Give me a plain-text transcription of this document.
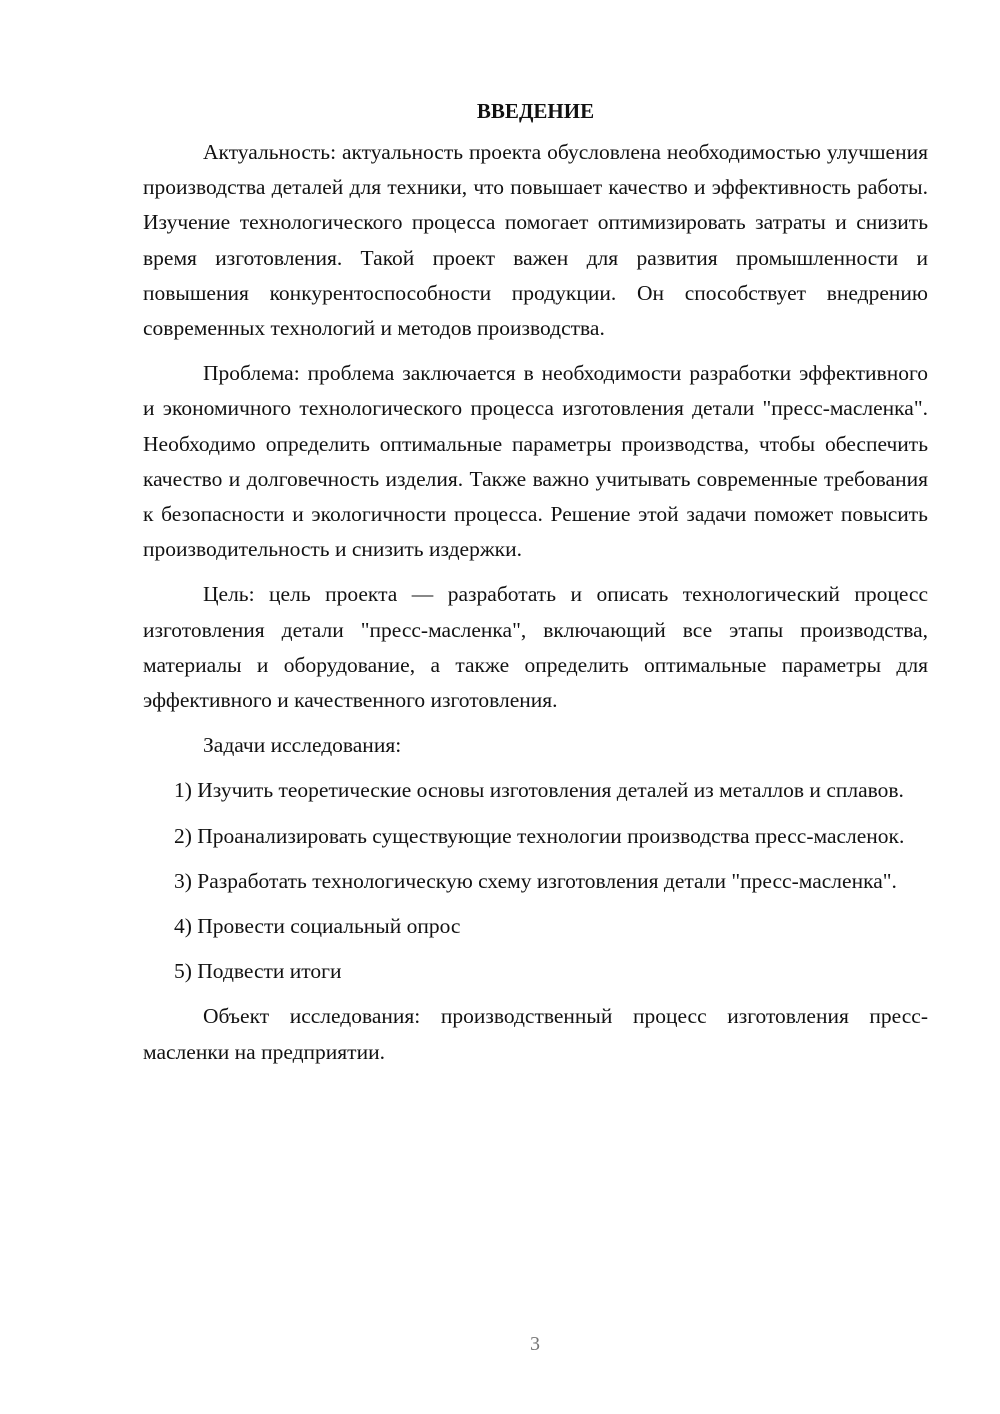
ВВЕДЕНИЕ

Актуальность: актуальность проекта обусловлена необходимостью улучшения производства деталей для техники, что повышает качество и эффективность работы. Изучение технологического процесса помогает оптимизировать затраты и снизить время изготовления. Такой проект важен для развития промышленности и повышения конкурентоспособности продукции. Он способствует внедрению современных технологий и методов производства.

Проблема: проблема заключается в необходимости разработки эффективного и экономичного технологического процесса изготовления детали "пресс-масленка". Необходимо определить оптимальные параметры производства, чтобы обеспечить качество и долговечность изделия. Также важно учитывать современные требования к безопасности и экологичности процесса. Решение этой задачи поможет повысить производительность и снизить издержки.

Цель: цель проекта — разработать и описать технологический процесс изготовления детали "пресс-масленка", включающий все этапы производства, материалы и оборудование, а также определить оптимальные параметры для эффективного и качественного изготовления.

Задачи исследования:

1) Изучить теоретические основы изготовления деталей из металлов и сплавов.

2) Проанализировать существующие технологии производства пресс-масленок.

3) Разработать технологическую схему изготовления детали "пресс-масленка".

4) Провести социальный опрос

5) Подвести итоги

Объект исследования: производственный процесс изготовления пресс-масленки на предприятии.

3
